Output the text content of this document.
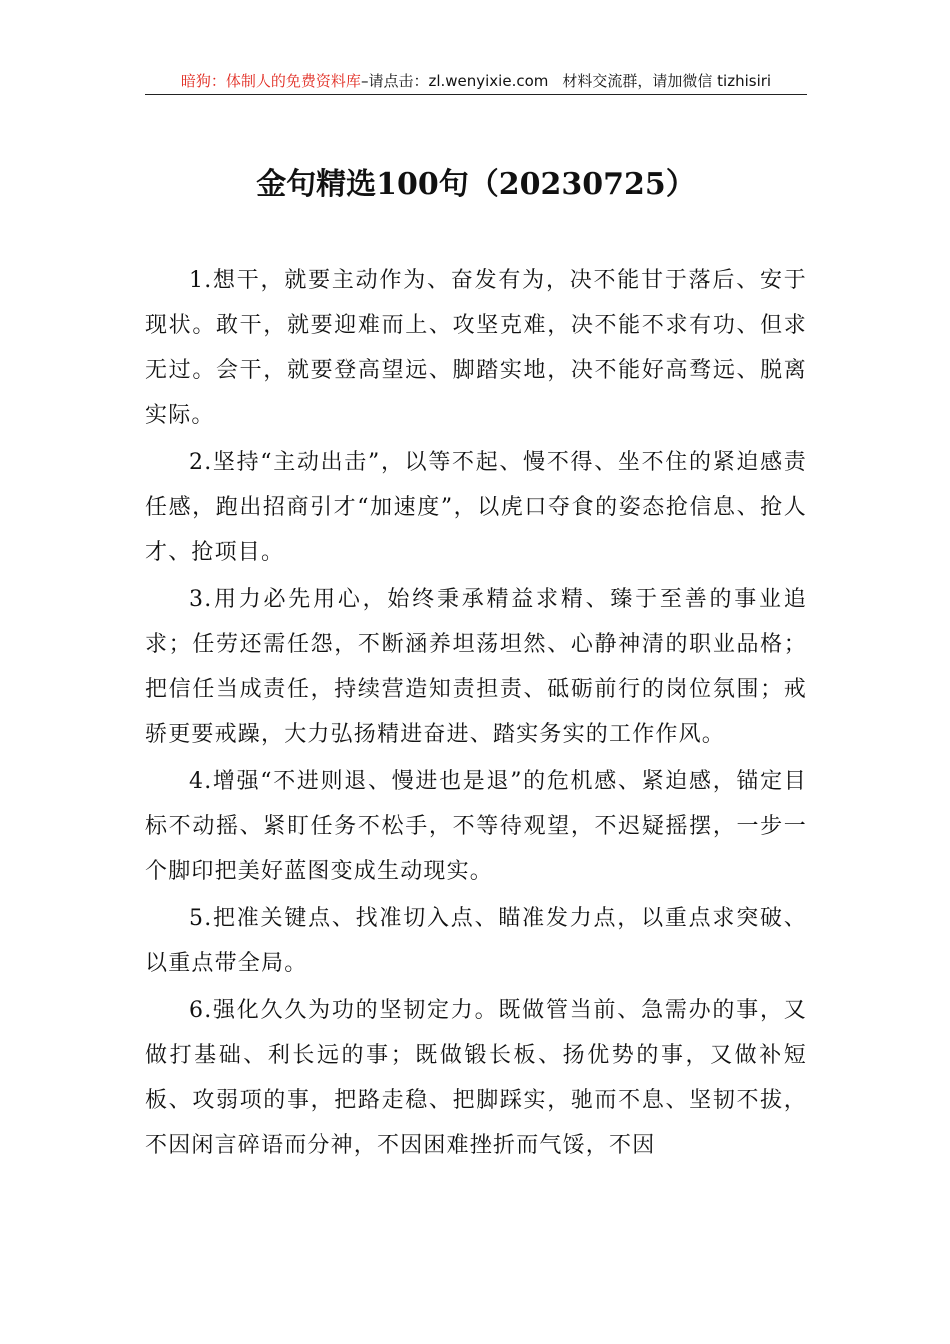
暗狗：体制人的免费资料库–请点击：zl.wenyixie.com 材料交流群，请加微信 tizhisiri
金句精选100句（20230725）

1.想干，就要主动作为、奋发有为，决不能甘于落后、安于现状。敢干，就要迎难而上、攻坚克难，决不能不求有功、但求无过。会干，就要登高望远、脚踏实地，决不能好高骛远、脱离实际。

2.坚持“主动出击”，以等不起、慢不得、坐不住的紧迫感责任感，跑出招商引才“加速度”，以虎口夺食的姿态抢信息、抢人才、抢项目。

3.用力必先用心，始终秉承精益求精、臻于至善的事业追求；任劳还需任怨，不断涵养坦荡坦然、心静神清的职业品格；把信任当成责任，持续营造知责担责、砥砺前行的岗位氛围；戒骄更要戒躁，大力弘扬精进奋进、踏实务实的工作作风。

4.增强“不进则退、慢进也是退”的危机感、紧迫感，锚定目标不动摇、紧盯任务不松手，不等待观望，不迟疑摇摆，一步一个脚印把美好蓝图变成生动现实。

5.把准关键点、找准切入点、瞄准发力点，以重点求突破、以重点带全局。

6.强化久久为功的坚韧定力。既做管当前、急需办的事，又做打基础、利长远的事；既做锻长板、扬优势的事，又做补短板、攻弱项的事，把路走稳、把脚踩实，驰而不息、坚韧不拔，不因闲言碎语而分神，不因困难挫折而气馁，不因
